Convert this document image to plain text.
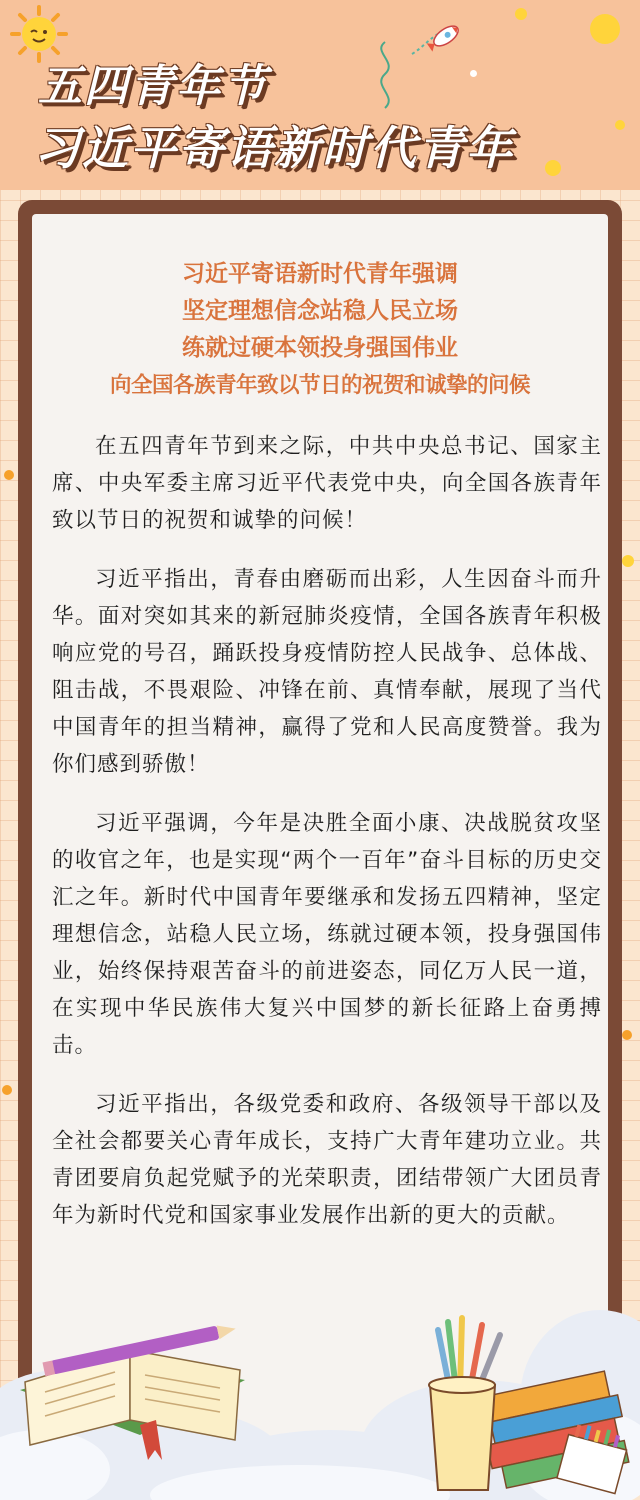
五四青年节
习近平寄语新时代青年
习近平寄语新时代青年强调
坚定理想信念站稳人民立场
练就过硬本领投身强国伟业
向全国各族青年致以节日的祝贺和诚挚的问候

在五四青年节到来之际，中共中央总书记、国家主席、中央军委主席习近平代表党中央，向全国各族青年致以节日的祝贺和诚挚的问候！

习近平指出，青春由磨砺而出彩，人生因奋斗而升华。面对突如其来的新冠肺炎疫情，全国各族青年积极响应党的号召，踊跃投身疫情防控人民战争、总体战、阻击战，不畏艰险、冲锋在前、真情奉献，展现了当代中国青年的担当精神，赢得了党和人民高度赞誉。我为你们感到骄傲！

习近平强调，今年是决胜全面小康、决战脱贫攻坚的收官之年，也是实现“两个一百年”奋斗目标的历史交汇之年。新时代中国青年要继承和发扬五四精神，坚定理想信念，站稳人民立场，练就过硬本领，投身强国伟业，始终保持艰苦奋斗的前进姿态，同亿万人民一道，在实现中华民族伟大复兴中国梦的新长征路上奋勇搏击。

习近平指出，各级党委和政府、各级领导干部以及全社会都要关心青年成长，支持广大青年建功立业。共青团要肩负起党赋予的光荣职责，团结带领广大团员青年为新时代党和国家事业发展作出新的更大的贡献。
